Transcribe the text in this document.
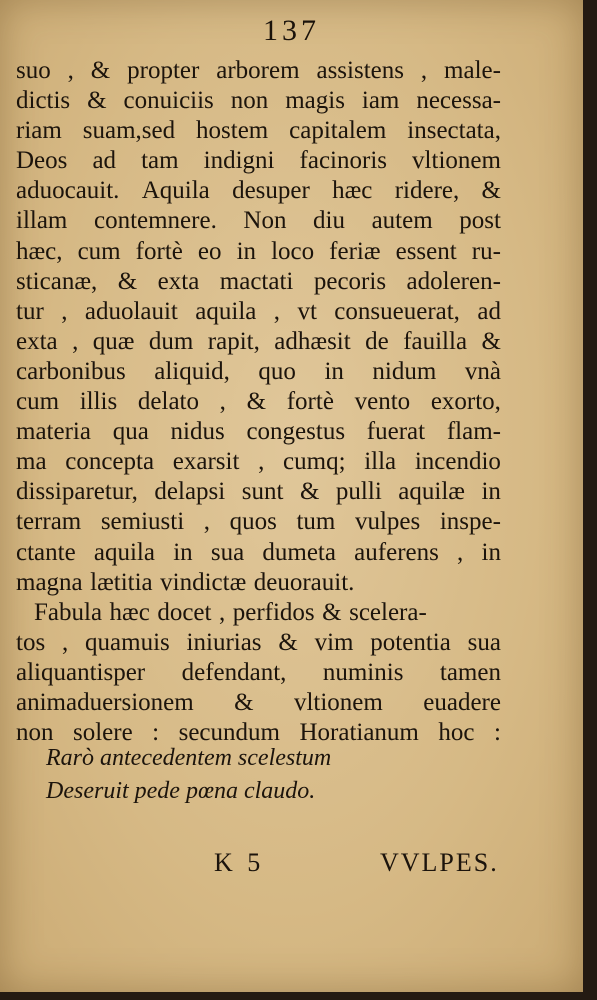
137
suo , & propter arborem assistens , male-
dictis & conuiciis non magis iam necessa-
riam suam,sed hostem capitalem insectata,
Deos ad tam indigni facinoris vltionem
aduocauit. Aquila desuper hæc ridere, &
illam contemnere. Non diu autem post
hæc, cum fortè eo in loco feriæ essent ru-
sticanæ, & exta mactati pecoris adoleren-
tur , aduolauit aquila , vt consueuerat, ad
exta , quæ dum rapit, adhæsit de fauilla &
carbonibus aliquid, quo in nidum vnà
cum illis delato , & fortè vento exorto,
materia qua nidus congestus fuerat flam-
ma concepta exarsit , cumq; illa incendio
dissiparetur, delapsi sunt & pulli aquilæ in
terram semiusti , quos tum vulpes inspe-
ctante aquila in sua dumeta auferens , in
magna lætitia vindictæ deuorauit.
Fabula hæc docet , perfidos & scelera-
tos , quamuis iniurias & vim potentia sua
aliquantisper defendant, numinis tamen
animaduersionem & vltionem euadere
non solere : secundum Horatianum hoc :
Rarò antecedentem scelestum
Deseruit pede pœna claudo.
K 5	VVLPES.
